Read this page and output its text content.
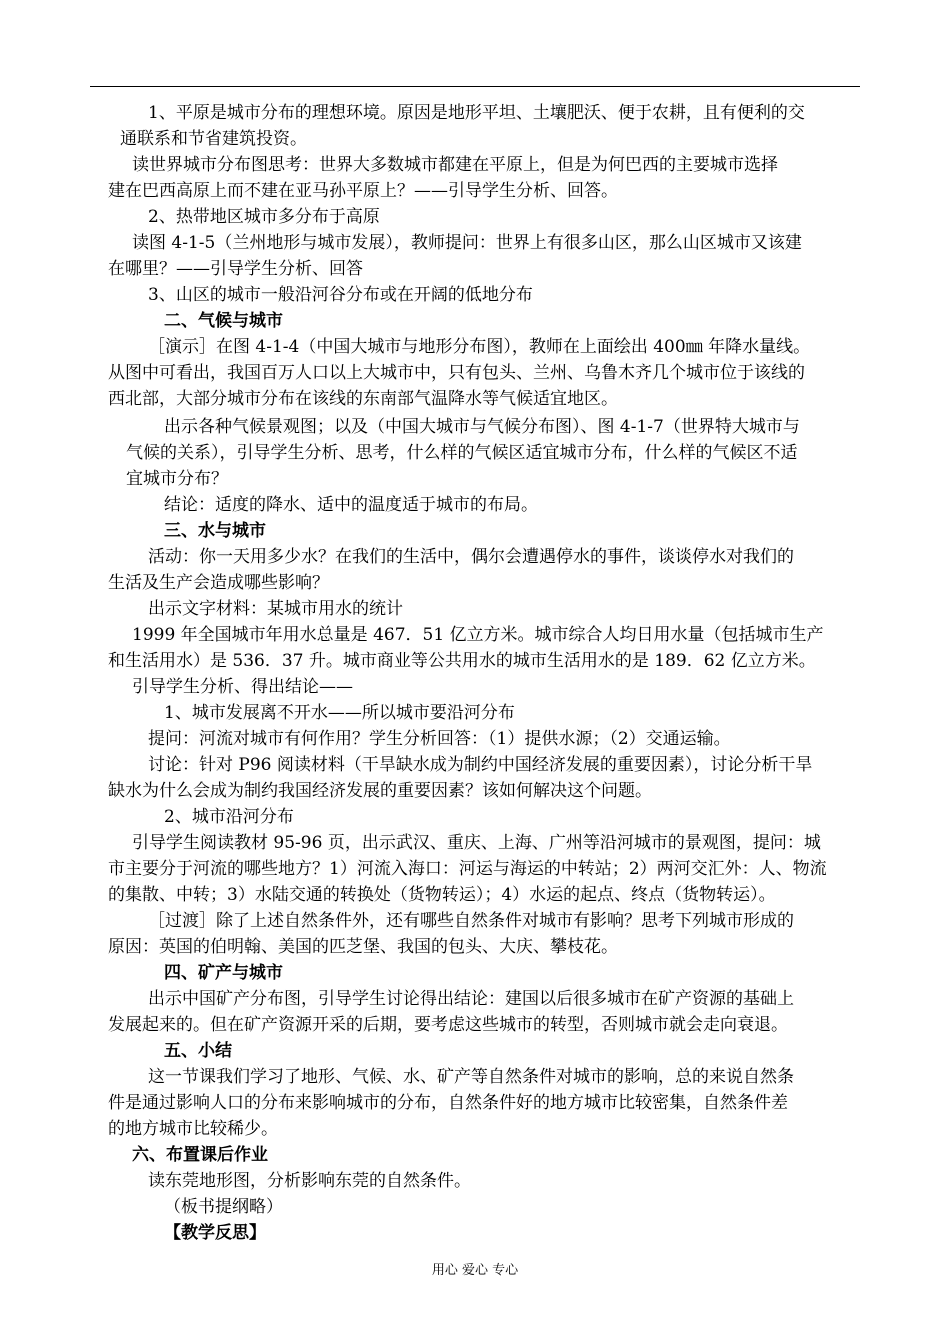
1、平原是城市分布的理想环境。原因是地形平坦、土壤肥沃、便于农耕，且有便利的交
通联系和节省建筑投资。
读世界城市分布图思考：世界大多数城市都建在平原上，但是为何巴西的主要城市选择
建在巴西高原上而不建在亚马孙平原上？——引导学生分析、回答。
2、热带地区城市多分布于高原
读图 4-1-5（兰州地形与城市发展），教师提问：世界上有很多山区，那么山区城市又该建
在哪里？——引导学生分析、回答
3、山区的城市一般沿河谷分布或在开阔的低地分布
二、气候与城市
［演示］在图 4-1-4（中国大城市与地形分布图），教师在上面绘出 400㎜ 年降水量线。
从图中可看出，我国百万人口以上大城市中，只有包头、兰州、乌鲁木齐几个城市位于该线的
西北部，大部分城市分布在该线的东南部气温降水等气候适宜地区。
出示各种气候景观图；以及（中国大城市与气候分布图）、图 4-1-7（世界特大城市与
气候的关系），引导学生分析、思考，什么样的气候区适宜城市分布，什么样的气候区不适
宜城市分布？
结论：适度的降水、适中的温度适于城市的布局。
三、水与城市
活动：你一天用多少水？在我们的生活中，偶尔会遭遇停水的事件，谈谈停水对我们的
生活及生产会造成哪些影响？
出示文字材料：某城市用水的统计
1999 年全国城市年用水总量是 467．51 亿立方米。城市综合人均日用水量（包括城市生产
和生活用水）是 536．37 升。城市商业等公共用水的城市生活用水的是 189．62 亿立方米。
引导学生分析、得出结论——
1、城市发展离不开水——所以城市要沿河分布
提问：河流对城市有何作用？学生分析回答：（1）提供水源；（2）交通运输。
讨论：针对 P96 阅读材料（干旱缺水成为制约中国经济发展的重要因素），讨论分析干旱
缺水为什么会成为制约我国经济发展的重要因素？该如何解决这个问题。
2、城市沿河分布
引导学生阅读教材 95-96 页，出示武汉、重庆、上海、广州等沿河城市的景观图，提问：城
市主要分于河流的哪些地方？1）河流入海口：河运与海运的中转站；2）两河交汇外：人、物流
的集散、中转；3）水陆交通的转换处（货物转运）；4）水运的起点、终点（货物转运）。
［过渡］除了上述自然条件外，还有哪些自然条件对城市有影响？思考下列城市形成的
原因：英国的伯明翰、美国的匹芝堡、我国的包头、大庆、攀枝花。
四、矿产与城市
出示中国矿产分布图，引导学生讨论得出结论：建国以后很多城市在矿产资源的基础上
发展起来的。但在矿产资源开采的后期，要考虑这些城市的转型，否则城市就会走向衰退。
五、小结
这一节课我们学习了地形、气候、水、矿产等自然条件对城市的影响，总的来说自然条
件是通过影响人口的分布来影响城市的分布，自然条件好的地方城市比较密集，自然条件差
的地方城市比较稀少。
六、布置课后作业
读东莞地形图，分析影响东莞的自然条件。
（板书提纲略）
【教学反思】
用心 爱心 专心
